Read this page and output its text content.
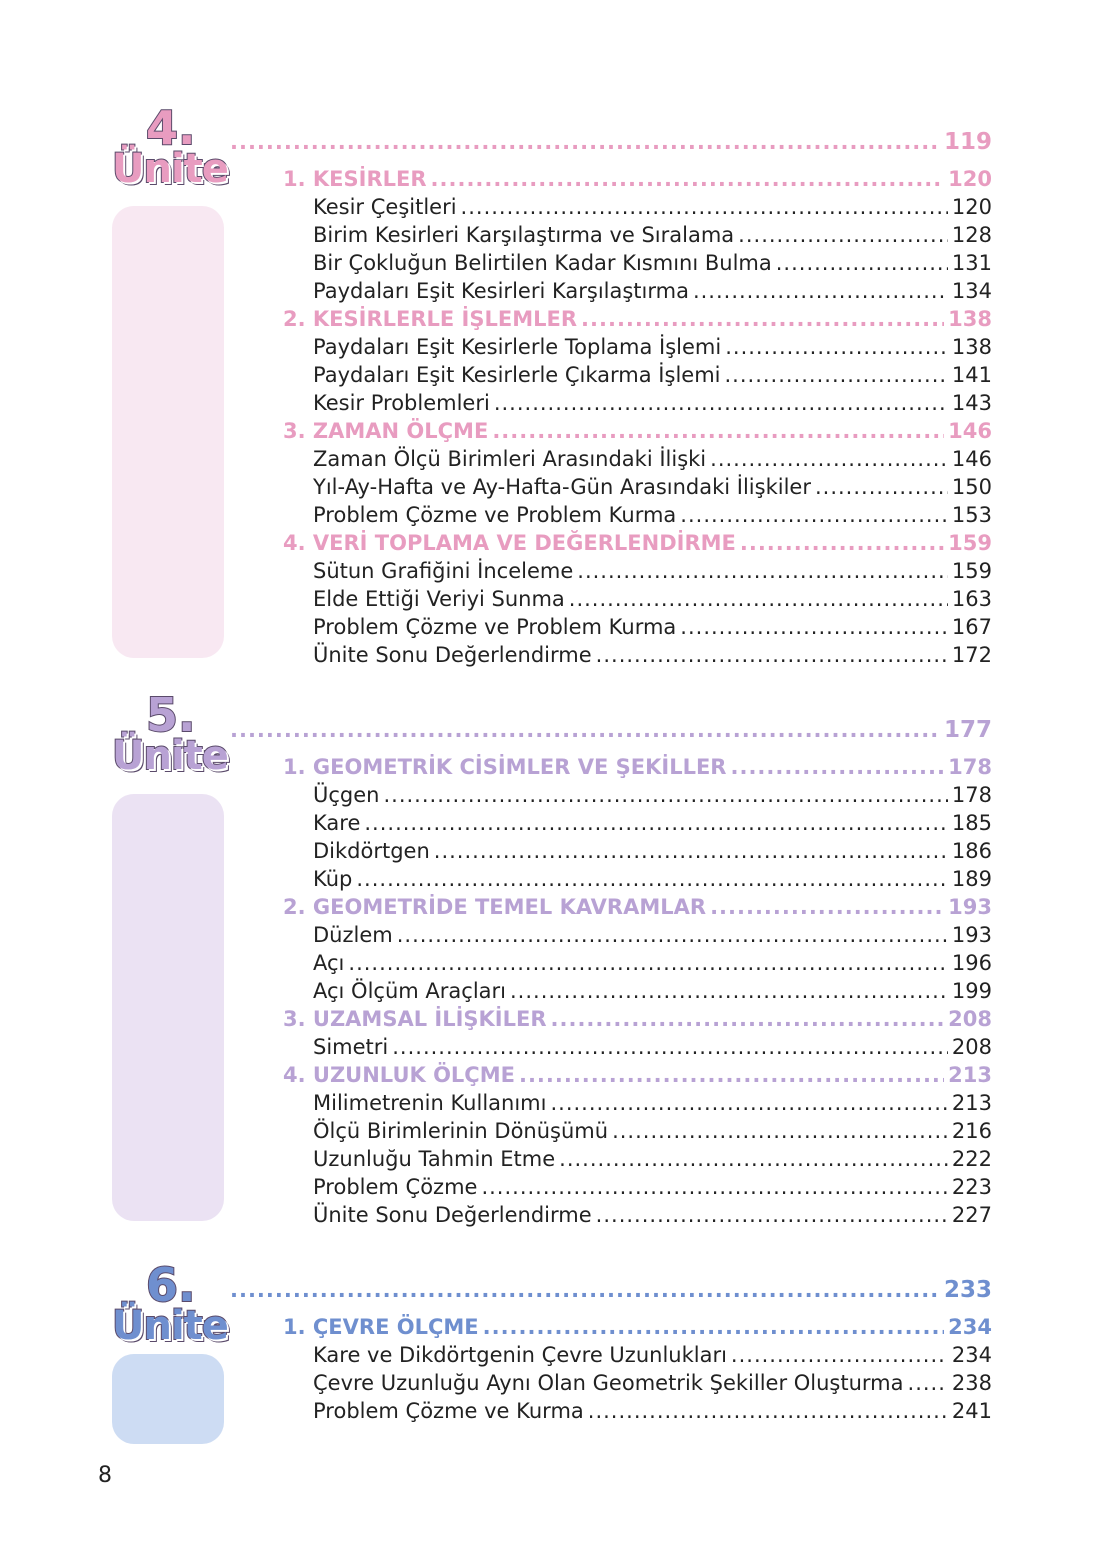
4.
Ünite
.....
119
1. KESİRLER .....	120
Kesir Çeşitleri .....	120
Birim Kesirleri Karşılaştırma ve Sıralama .....	128
Bir Çokluğun Belirtilen Kadar Kısmını Bulma .....	131
Paydaları Eşit Kesirleri Karşılaştırma .....	134
2. KESİRLERLE İŞLEMLER .....	138
Paydaları Eşit Kesirlerle Toplama İşlemi .....	138
Paydaları Eşit Kesirlerle Çıkarma İşlemi .....	141
Kesir Problemleri .....	143
3. ZAMAN ÖLÇME .....	146
Zaman Ölçü Birimleri Arasındaki İlişki .....	146
Yıl-Ay-Hafta ve Ay-Hafta-Gün Arasındaki İlişkiler .....	150
Problem Çözme ve Problem Kurma .....	153
4. VERİ TOPLAMA VE DEĞERLENDİRME .....	159
Sütun Grafiğini İnceleme .....	159
Elde Ettiği Veriyi Sunma .....	163
Problem Çözme ve Problem Kurma .....	167
Ünite Sonu Değerlendirme .....	172
5.
Ünite
.....
177
1. GEOMETRİK CİSİMLER VE ŞEKİLLER .....	178
Üçgen .....	178
Kare .....	185
Dikdörtgen .....	186
Küp .....	189
2. GEOMETRİDE TEMEL KAVRAMLAR .....	193
Düzlem .....	193
Açı .....	196
Açı Ölçüm Araçları .....	199
3. UZAMSAL İLİŞKİLER .....	208
Simetri .....	208
4. UZUNLUK ÖLÇME .....	213
Milimetrenin Kullanımı .....	213
Ölçü Birimlerinin Dönüşümü .....	216
Uzunluğu Tahmin Etme .....	222
Problem Çözme .....	223
Ünite Sonu Değerlendirme .....	227
6.
Ünite
.....
233
1. ÇEVRE ÖLÇME .....	234
Kare ve Dikdörtgenin Çevre Uzunlukları .....	234
Çevre Uzunluğu Aynı Olan Geometrik Şekiller Oluşturma ..... 238
Problem Çözme ve Kurma .....	241
8
